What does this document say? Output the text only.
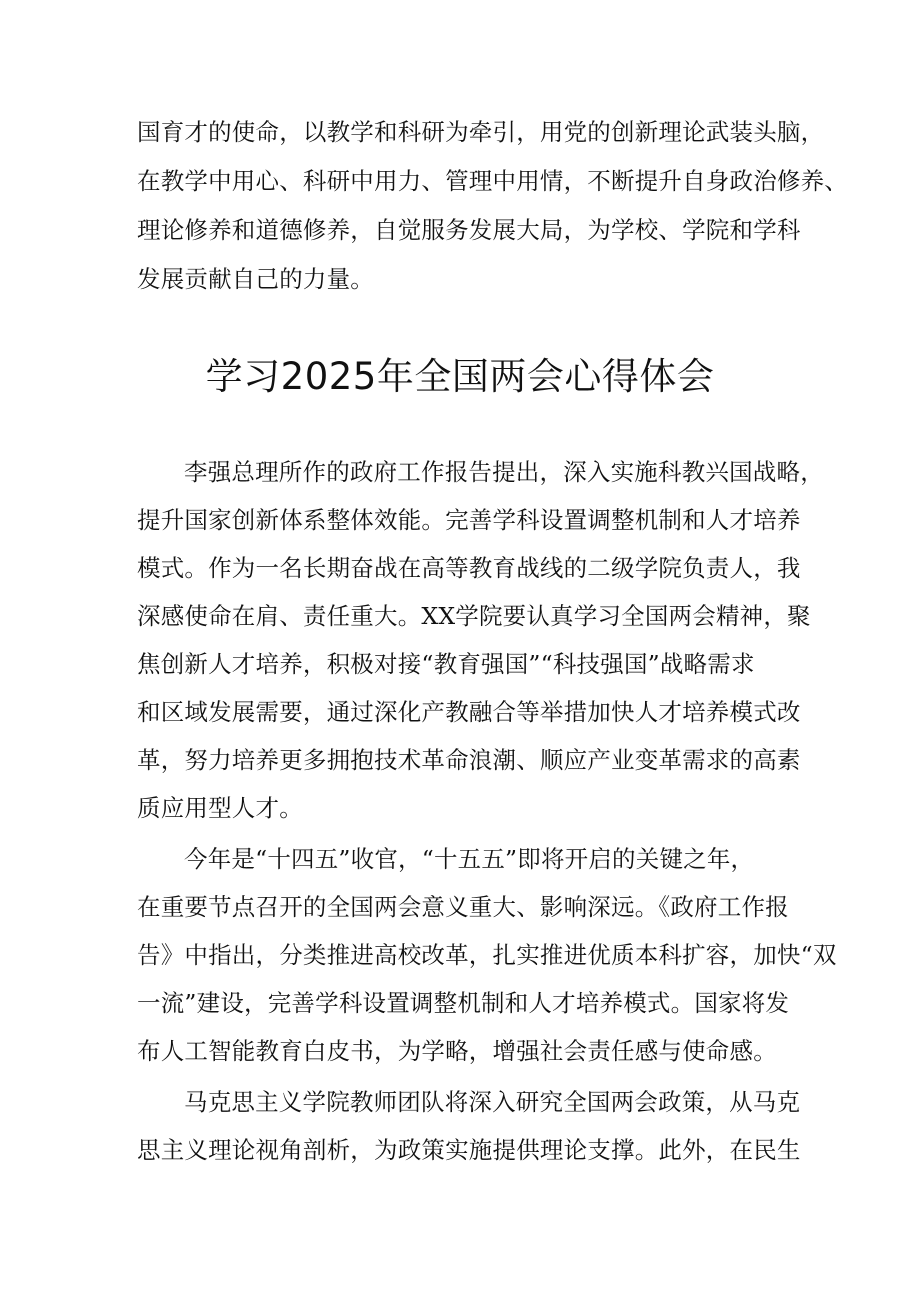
国育才的使命，以教学和科研为牵引，用党的创新理论武装头脑，
在教学中用心、科研中用力、管理中用情，不断提升自身政治修养、
理论修养和道德修养，自觉服务发展大局，为学校、学院和学科
发展贡献自己的力量。
学习2025年全国两会心得体会
李强总理所作的政府工作报告提出，深入实施科教兴国战略，
提升国家创新体系整体效能。完善学科设置调整机制和人才培养
模式。作为一名长期奋战在高等教育战线的二级学院负责人，我
深感使命在肩、责任重大。XX学院要认真学习全国两会精神，聚
焦创新人才培养，积极对接“教育强国”“科技强国”战略需求
和区域发展需要，通过深化产教融合等举措加快人才培养模式改
革，努力培养更多拥抱技术革命浪潮、顺应产业变革需求的高素
质应用型人才。
今年是“十四五”收官，“十五五”即将开启的关键之年，
在重要节点召开的全国两会意义重大、影响深远。《政府工作报
告》中指出，分类推进高校改革，扎实推进优质本科扩容，加快“双
一流”建设，完善学科设置调整机制和人才培养模式。国家将发
布人工智能教育白皮书，为学略，增强社会责任感与使命感。
马克思主义学院教师团队将深入研究全国两会政策，从马克
思主义理论视角剖析，为政策实施提供理论支撑。此外，在民生
